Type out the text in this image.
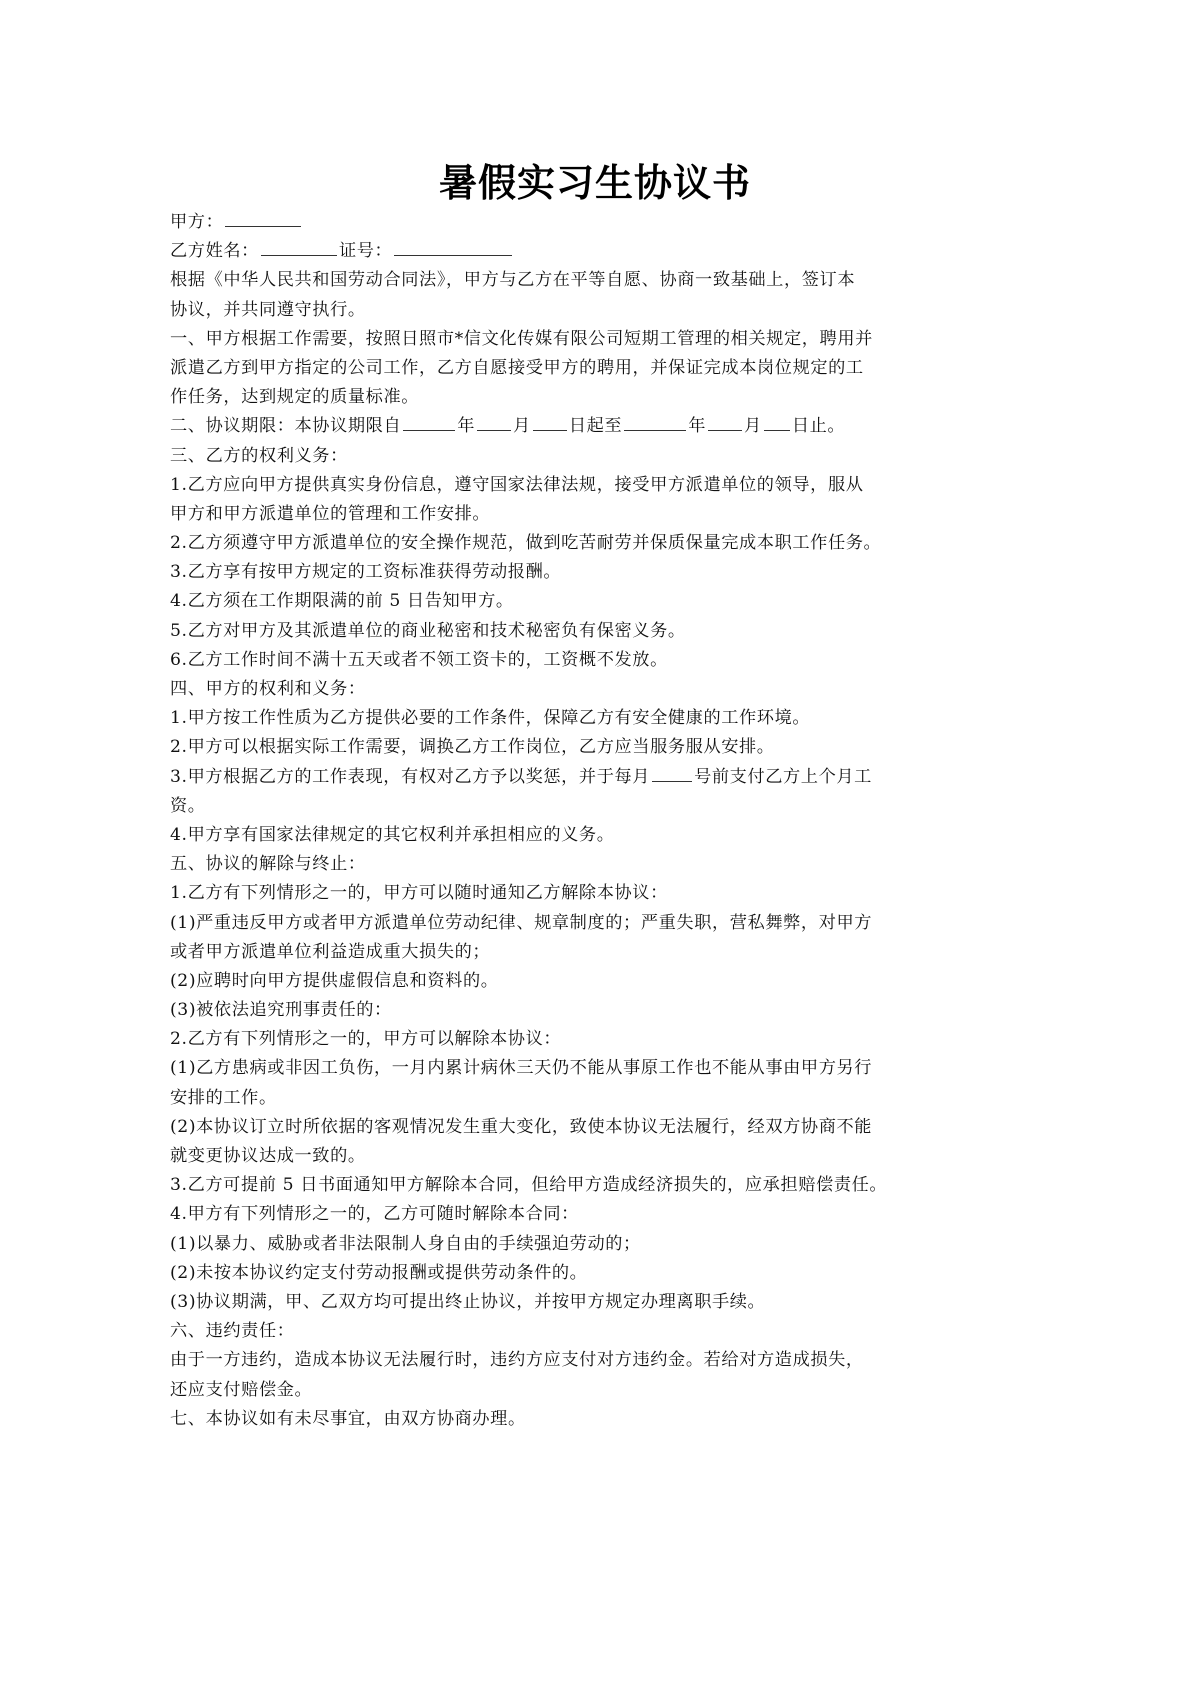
暑假实习生协议书
甲方：
乙方姓名：	证号：
根据《中华人民共和国劳动合同法》，甲方与乙方在平等自愿、协商一致基础上，签订本
协议，并共同遵守执行。
一、甲方根据工作需要，按照日照市*信文化传媒有限公司短期工管理的相关规定，聘用并
派遣乙方到甲方指定的公司工作，乙方自愿接受甲方的聘用，并保证完成本岗位规定的工
作任务，达到规定的质量标准。
二、协议期限：本协议期限自	年 月 日起至	年 月 日止。
三、乙方的权利义务：
1.乙方应向甲方提供真实身份信息，遵守国家法律法规，接受甲方派遣单位的领导，服从
甲方和甲方派遣单位的管理和工作安排。
2.乙方须遵守甲方派遣单位的安全操作规范，做到吃苦耐劳并保质保量完成本职工作任务。
3.乙方享有按甲方规定的工资标准获得劳动报酬。
4.乙方须在工作期限满的前 5 日告知甲方。
5.乙方对甲方及其派遣单位的商业秘密和技术秘密负有保密义务。
6.乙方工作时间不满十五天或者不领工资卡的，工资概不发放。
四、甲方的权利和义务：
1.甲方按工作性质为乙方提供必要的工作条件，保障乙方有安全健康的工作环境。
2.甲方可以根据实际工作需要，调换乙方工作岗位，乙方应当服务服从安排。
3.甲方根据乙方的工作表现，有权对乙方予以奖惩，并于每月	号前支付乙方上个月工
资。
4.甲方享有国家法律规定的其它权利并承担相应的义务。
五、协议的解除与终止：
1.乙方有下列情形之一的，甲方可以随时通知乙方解除本协议：
(1)严重违反甲方或者甲方派遣单位劳动纪律、规章制度的；严重失职，营私舞弊，对甲方
或者甲方派遣单位利益造成重大损失的；
(2)应聘时向甲方提供虚假信息和资料的。
(3)被依法追究刑事责任的：
2.乙方有下列情形之一的，甲方可以解除本协议：
(1)乙方患病或非因工负伤，一月内累计病休三天仍不能从事原工作也不能从事由甲方另行
安排的工作。
(2)本协议订立时所依据的客观情况发生重大变化，致使本协议无法履行，经双方协商不能
就变更协议达成一致的。
3.乙方可提前 5 日书面通知甲方解除本合同，但给甲方造成经济损失的，应承担赔偿责任。
4.甲方有下列情形之一的，乙方可随时解除本合同：
(1)以暴力、威胁或者非法限制人身自由的手续强迫劳动的；
(2)未按本协议约定支付劳动报酬或提供劳动条件的。
(3)协议期满，甲、乙双方均可提出终止协议，并按甲方规定办理离职手续。
六、违约责任：
由于一方违约，造成本协议无法履行时，违约方应支付对方违约金。若给对方造成损失，
还应支付赔偿金。
七、本协议如有未尽事宜，由双方协商办理。
